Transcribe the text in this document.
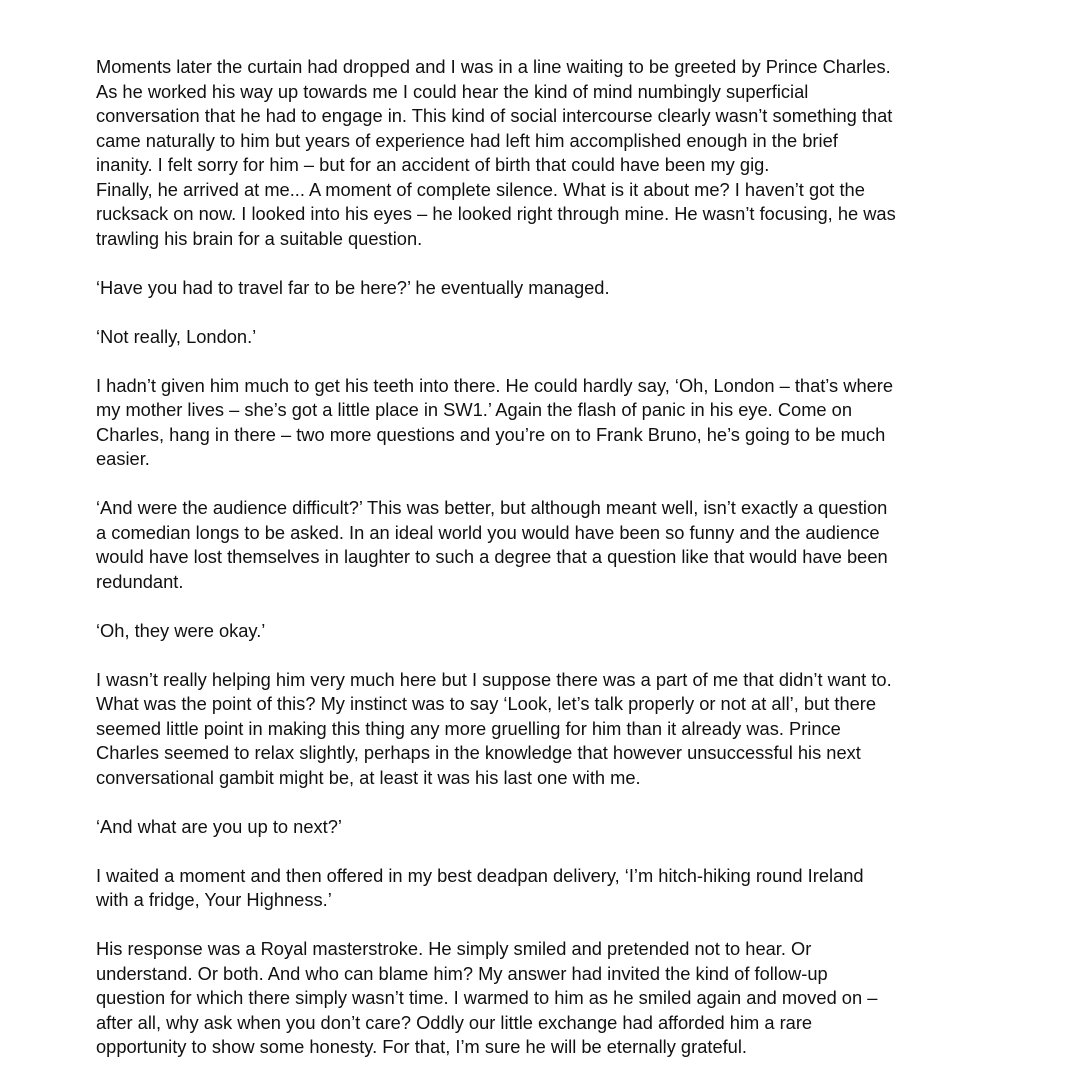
Moments later the curtain had dropped and I was in a line waiting to be greeted by Prince Charles.
As he worked his way up towards me I could hear the kind of mind numbingly superficial
conversation that he had to engage in. This kind of social intercourse clearly wasn’t something that
came naturally to him but years of experience had left him accomplished enough in the brief
inanity. I felt sorry for him – but for an accident of birth that could have been my gig.
Finally, he arrived at me... A moment of complete silence. What is it about me? I haven’t got the
rucksack on now. I looked into his eyes – he looked right through mine. He wasn’t focusing, he was
trawling his brain for a suitable question.

‘Have you had to travel far to be here?’ he eventually managed.

‘Not really, London.’

I hadn’t given him much to get his teeth into there. He could hardly say, ‘Oh, London – that’s where
my mother lives – she’s got a little place in SW1.’ Again the flash of panic in his eye. Come on
Charles, hang in there – two more questions and you’re on to Frank Bruno, he’s going to be much
easier.

‘And were the audience difficult?’ This was better, but although meant well, isn’t exactly a question
a comedian longs to be asked. In an ideal world you would have been so funny and the audience
would have lost themselves in laughter to such a degree that a question like that would have been
redundant.

‘Oh, they were okay.’

I wasn’t really helping him very much here but I suppose there was a part of me that didn’t want to.
What was the point of this? My instinct was to say ‘Look, let’s talk properly or not at all’, but there
seemed little point in making this thing any more gruelling for him than it already was. Prince
Charles seemed to relax slightly, perhaps in the knowledge that however unsuccessful his next
conversational gambit might be, at least it was his last one with me.

‘And what are you up to next?’

I waited a moment and then offered in my best deadpan delivery, ‘I’m hitch-hiking round Ireland
with a fridge, Your Highness.’

His response was a Royal masterstroke. He simply smiled and pretended not to hear. Or
understand. Or both. And who can blame him? My answer had invited the kind of follow-up
question for which there simply wasn’t time. I warmed to him as he smiled again and moved on –
after all, why ask when you don’t care? Oddly our little exchange had afforded him a rare
opportunity to show some honesty. For that, I’m sure he will be eternally grateful.
